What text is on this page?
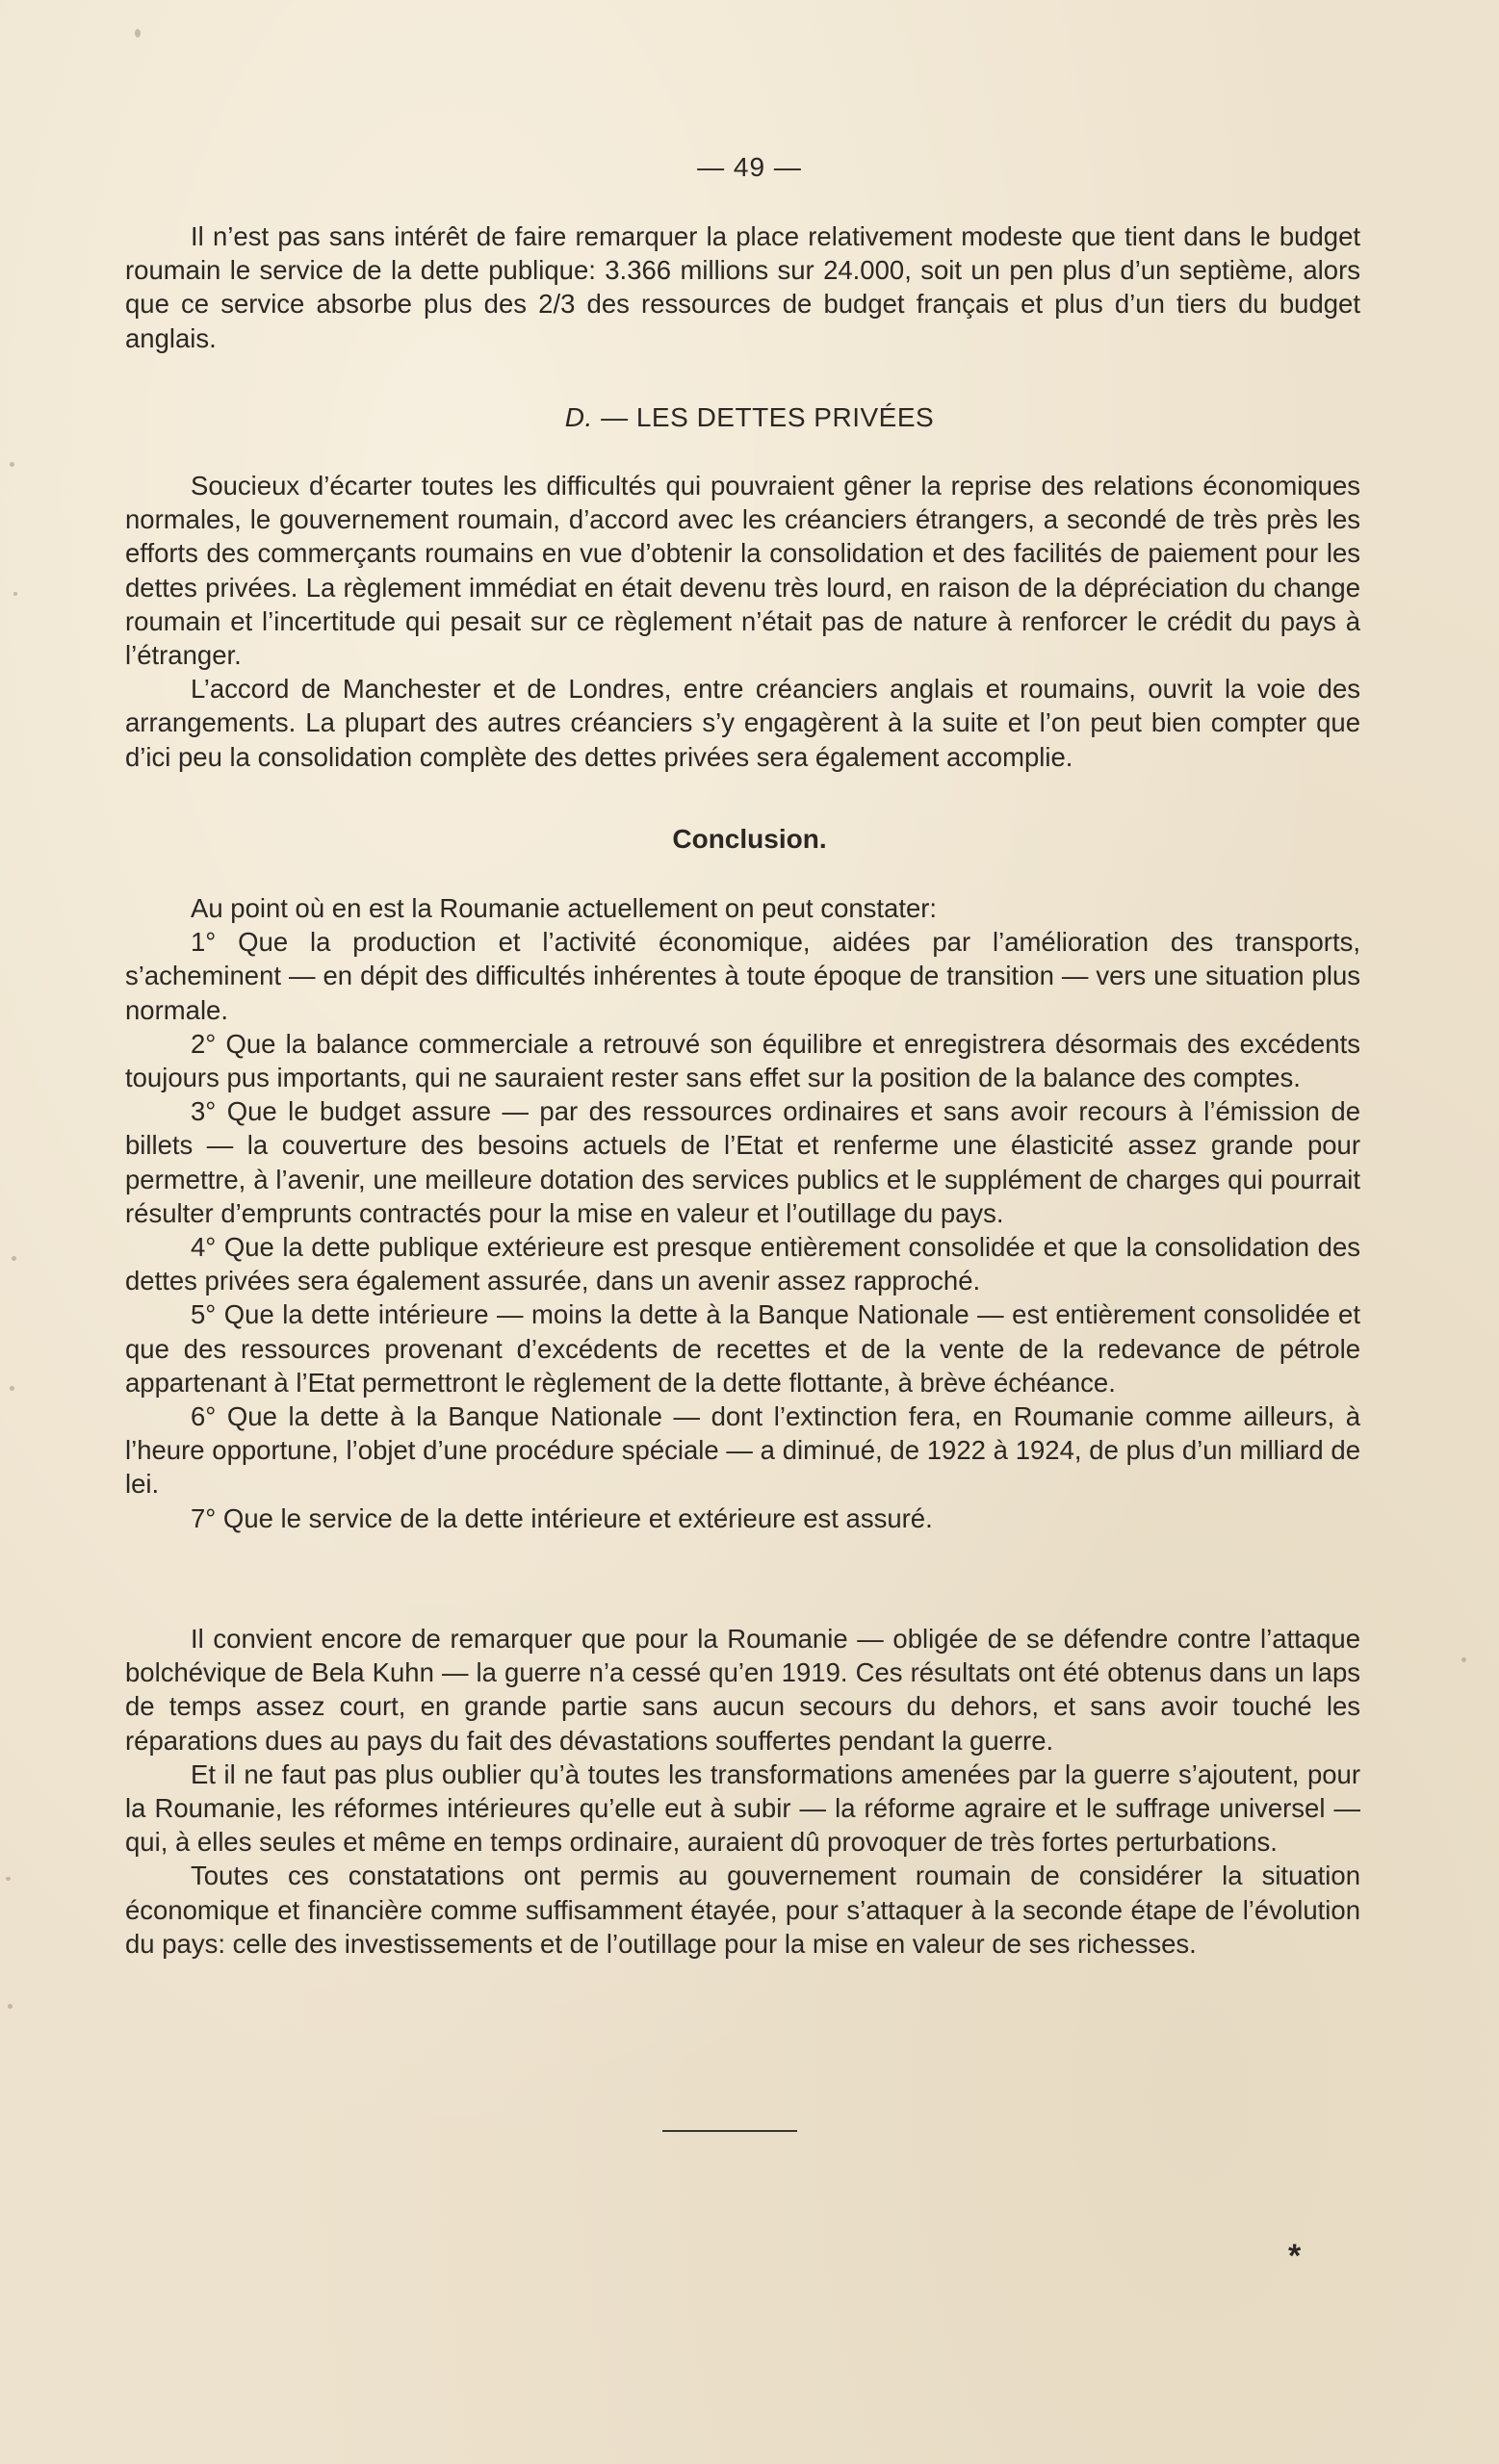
— 49 —

Il n’est pas sans intérêt de faire remarquer la place relativement modeste que tient dans le budget roumain le service de la dette publique: 3.366 millions sur 24.000, soit un pen plus d’un septième, alors que ce service absorbe plus des 2/3 des ressources de budget français et plus d’un tiers du budget anglais.

D. — LES DETTES PRIVÉES

Soucieux d’écarter toutes les difficultés qui pouvraient gêner la reprise des relations économiques normales, le gouvernement roumain, d’accord avec les créanciers étrangers, a secondé de très près les efforts des commerçants roumains en vue d’obtenir la consolidation et des facilités de paiement pour les dettes privées. La règlement immédiat en était devenu très lourd, en raison de la dépréciation du change roumain et l’incertitude qui pesait sur ce règlement n’était pas de nature à renforcer le crédit du pays à l’étranger.

L’accord de Manchester et de Londres, entre créanciers anglais et roumains, ouvrit la voie des arrangements. La plupart des autres créanciers s’y engagèrent à la suite et l’on peut bien compter que d’ici peu la consolidation complète des dettes privées sera également accomplie.

Conclusion.

Au point où en est la Roumanie actuellement on peut constater:

1° Que la production et l’activité économique, aidées par l’amélioration des transports, s’acheminent — en dépit des difficultés inhérentes à toute époque de transition — vers une situation plus normale.

2° Que la balance commerciale a retrouvé son équilibre et enregistrera désormais des excédents toujours pus importants, qui ne sauraient rester sans effet sur la position de la balance des comptes.

3° Que le budget assure — par des ressources ordinaires et sans avoir recours à l’émission de billets — la couverture des besoins actuels de l’Etat et renferme une élasticité assez grande pour permettre, à l’avenir, une meilleure dotation des services publics et le supplément de charges qui pourrait résulter d’emprunts contractés pour la mise en valeur et l’outillage du pays.

4° Que la dette publique extérieure est presque entièrement consolidée et que la consolidation des dettes privées sera également assurée, dans un avenir assez rapproché.

5° Que la dette intérieure — moins la dette à la Banque Nationale — est entièrement consolidée et que des ressources provenant d’excédents de recettes et de la vente de la redevance de pétrole appartenant à l’Etat permettront le règlement de la dette flottante, à brève échéance.

6° Que la dette à la Banque Nationale — dont l’extinction fera, en Roumanie comme ailleurs, à l’heure opportune, l’objet d’une procédure spéciale — a diminué, de 1922 à 1924, de plus d’un milliard de lei.

7° Que le service de la dette intérieure et extérieure est assuré.

Il convient encore de remarquer que pour la Roumanie — obligée de se défendre contre l’attaque bolchévique de Bela Kuhn — la guerre n’a cessé qu’en 1919. Ces résultats ont été obtenus dans un laps de temps assez court, en grande partie sans aucun secours du dehors, et sans avoir touché les réparations dues au pays du fait des dévastations souffertes pendant la guerre.

Et il ne faut pas plus oublier qu’à toutes les transformations amenées par la guerre s’ajoutent, pour la Roumanie, les réformes intérieures qu’elle eut à subir — la réforme agraire et le suffrage universel — qui, à elles seules et même en temps ordinaire, auraient dû provoquer de très fortes perturbations.

Toutes ces constatations ont permis au gouvernement roumain de considérer la situation économique et financière comme suffisamment étayée, pour s’attaquer à la seconde étape de l’évolution du pays: celle des investissements et de l’outillage pour la mise en valeur de ses richesses.

*
